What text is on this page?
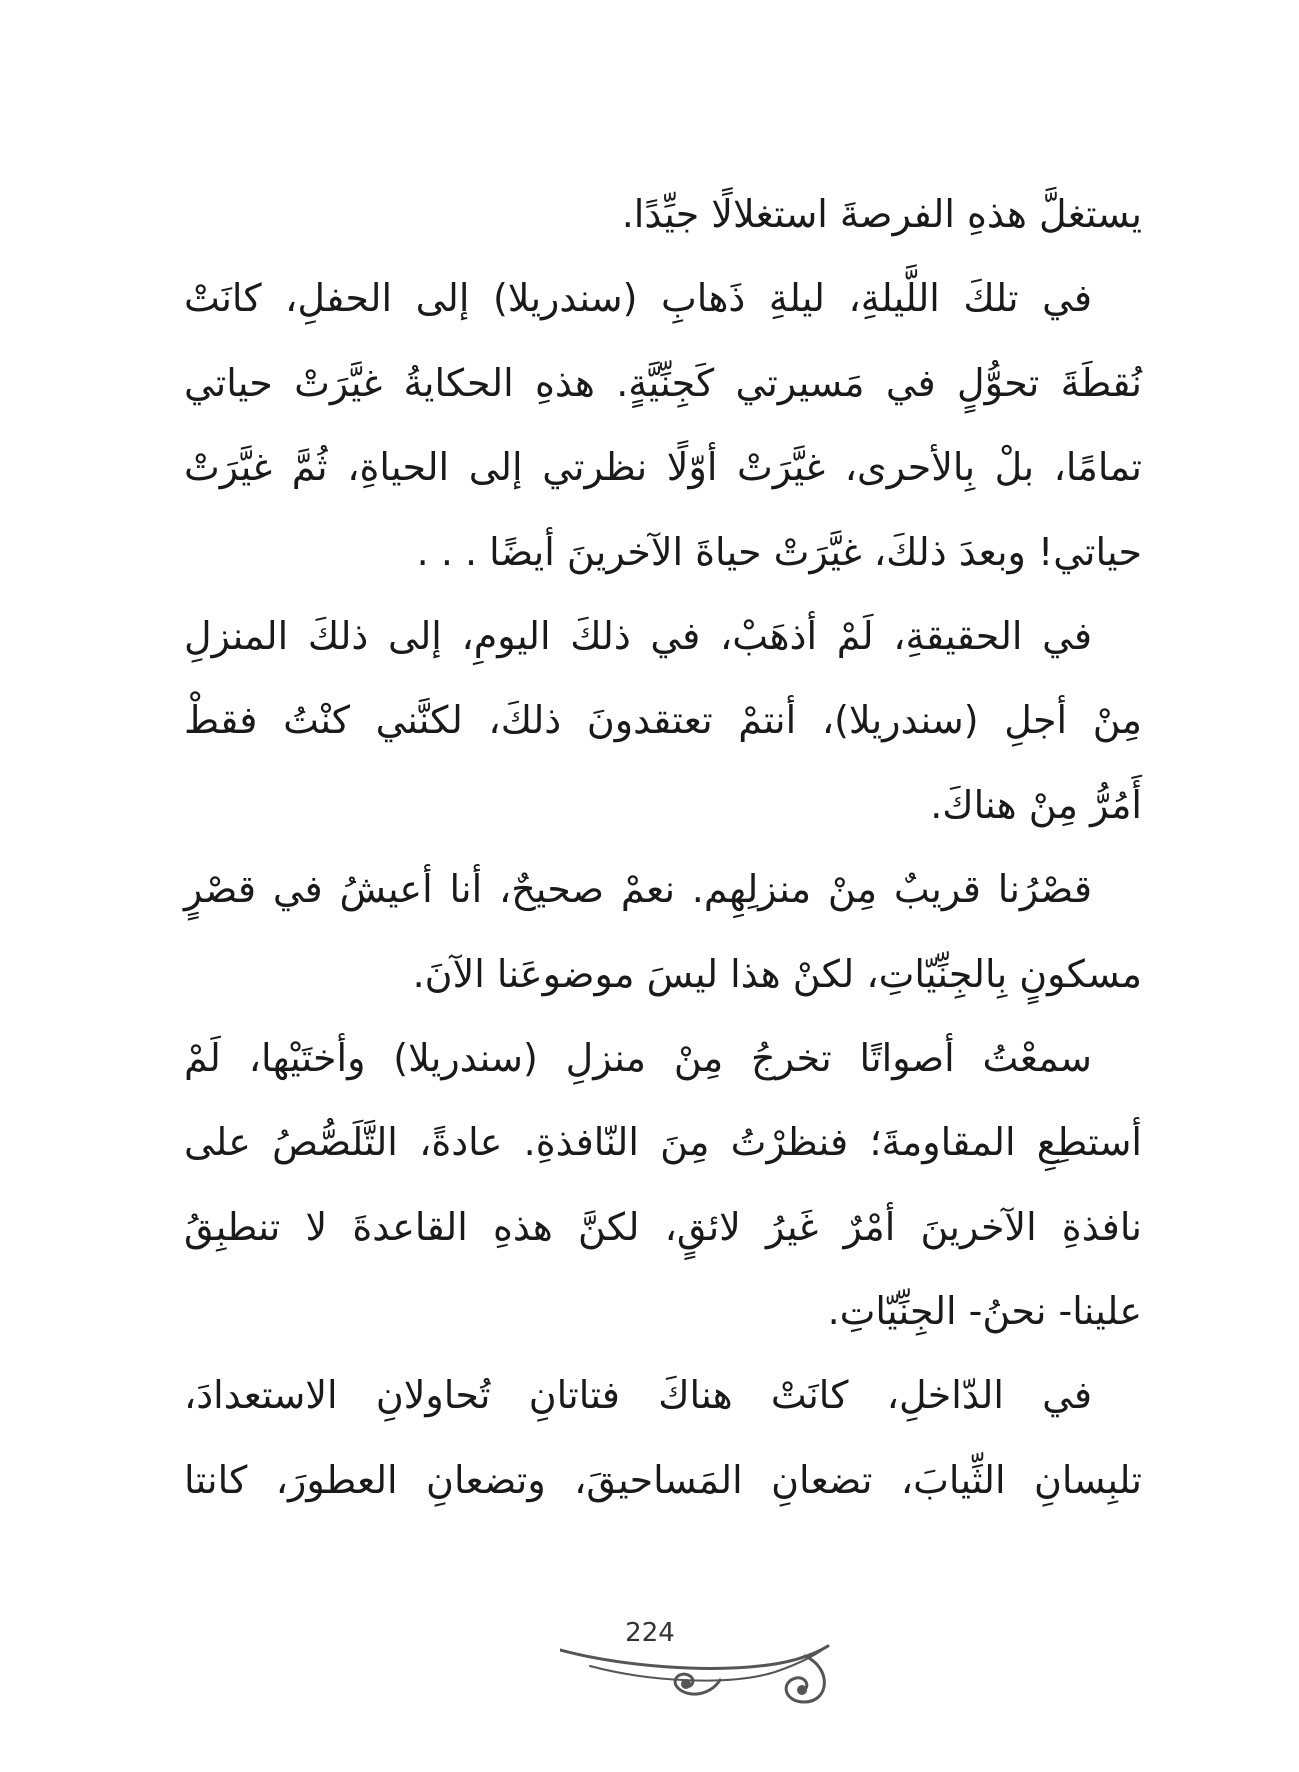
يستغلَّ هذهِ الفرصةَ استغلالًا جيِّدًا.
في تلكَ اللَّيلةِ، ليلةِ ذَهابِ (سندريلا) إلى الحفلِ، كانَتْ
نُقطَةَ تحوُّلٍ في مَسيرتي كَجِنِّيَّةٍ. هذهِ الحكايةُ غيَّرَتْ حياتي
تمامًا، بلْ بِالأحرى، غيَّرَتْ أوّلًا نظرتي إلى الحياةِ، ثُمَّ غيَّرَتْ
حياتي! وبعدَ ذلكَ، غيَّرَتْ حياةَ الآخرينَ أيضًا . . .
في الحقيقةِ، لَمْ أذهَبْ، في ذلكَ اليومِ، إلى ذلكَ المنزلِ
مِنْ أجلِ (سندريلا)، أنتمْ تعتقدونَ ذلكَ، لكنَّني كنْتُ فقطْ
أَمُرُّ مِنْ هناكَ.
قصْرُنا قريبٌ مِنْ منزلِهِم. نعمْ صحيحٌ، أنا أعيشُ في قصْرٍ
مسكونٍ بِالجِنِّيّاتِ، لكنْ هذا ليسَ موضوعَنا الآنَ.
سمعْتُ أصواتًا تخرجُ مِنْ منزلِ (سندريلا) وأختَيْها، لَمْ
أستطِعِ المقاومةَ؛ فنظرْتُ مِنَ النّافذةِ. عادةً، التَّلَصُّصُ على
نافذةِ الآخرينَ أمْرٌ غَيرُ لائقٍ، لكنَّ هذهِ القاعدةَ لا تنطبِقُ
علينا- نحنُ- الجِنِّيّاتِ.
في الدّاخلِ، كانَتْ هناكَ فتاتانِ تُحاولانِ الاستعدادَ،
تلبِسانِ الثِّيابَ، تضعانِ المَساحيقَ، وتضعانِ العطورَ، كانتا
224
